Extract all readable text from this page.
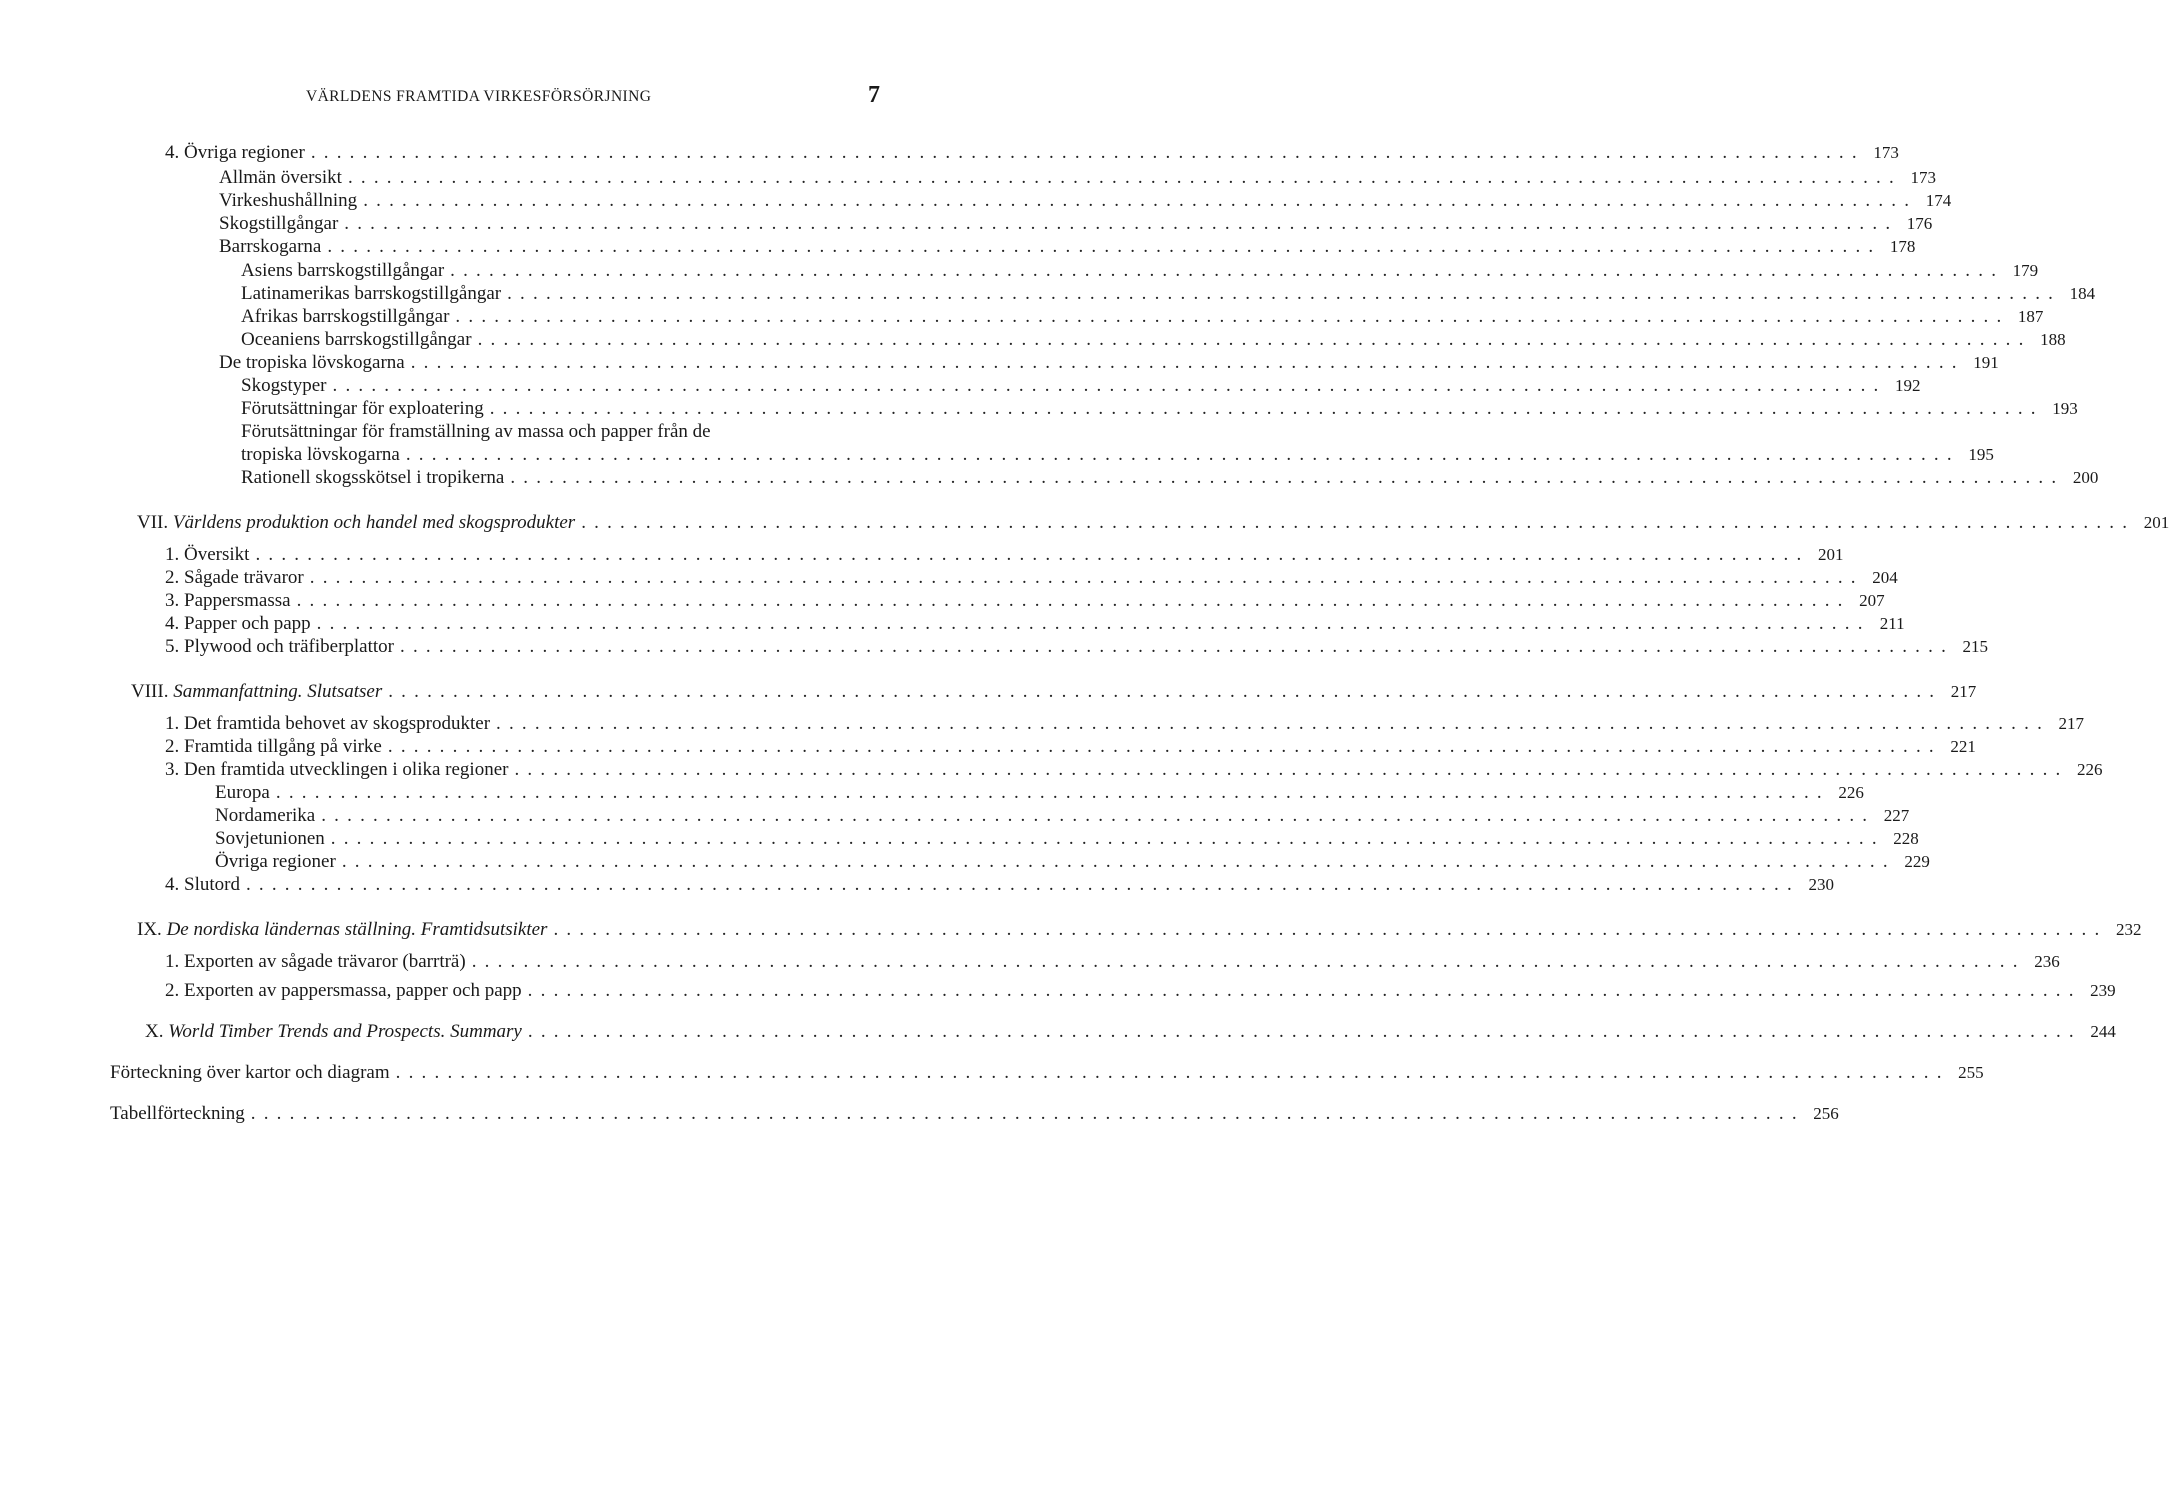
VÄRLDENS FRAMTIDA VIRKESFÖRSÖRJNING	7
4. Övriga regioner ........................................................................................................................ 173
Allmän översikt ........................................................................................................................ 173
Virkeshushållning ........................................................................................................................ 174
Skogstillgångar ........................................................................................................................ 176
Barrskogarna ........................................................................................................................ 178
Asiens barrskogstillgångar ........................................................................................................................ 179
Latinamerikas barrskogstillgångar ........................................................................................................................ 184
Afrikas barrskogstillgångar ........................................................................................................................ 187
Oceaniens barrskogstillgångar ........................................................................................................................ 188
De tropiska lövskogarna ........................................................................................................................ 191
Skogstyper ........................................................................................................................ 192
Förutsättningar för exploatering ........................................................................................................................ 193
Förutsättningar för framställning av massa och papper från de
tropiska lövskogarna ........................................................................................................................ 195
Rationell skogsskötsel i tropikerna ........................................................................................................................ 200
VII. Världens produktion och handel med skogsprodukter ........................................................................................................................ 201
1. Översikt ........................................................................................................................ 201
2. Sågade trävaror ........................................................................................................................ 204
3. Pappersmassa ........................................................................................................................ 207
4. Papper och papp ........................................................................................................................ 211
5. Plywood och träfiberplattor ........................................................................................................................ 215
VIII. Sammanfattning. Slutsatser ........................................................................................................................ 217
1. Det framtida behovet av skogsprodukter ........................................................................................................................ 217
2. Framtida tillgång på virke ........................................................................................................................ 221
3. Den framtida utvecklingen i olika regioner ........................................................................................................................ 226
Europa ........................................................................................................................ 226
Nordamerika ........................................................................................................................ 227
Sovjetunionen ........................................................................................................................ 228
Övriga regioner ........................................................................................................................ 229
4. Slutord ........................................................................................................................ 230
IX. De nordiska ländernas ställning. Framtidsutsikter ........................................................................................................................ 232
1. Exporten av sågade trävaror (barrträ) ........................................................................................................................ 236
2. Exporten av pappersmassa, papper och papp ........................................................................................................................ 239
X. World Timber Trends and Prospects. Summary ........................................................................................................................ 244
Förteckning över kartor och diagram ........................................................................................................................ 255
Tabellförteckning ........................................................................................................................ 256
